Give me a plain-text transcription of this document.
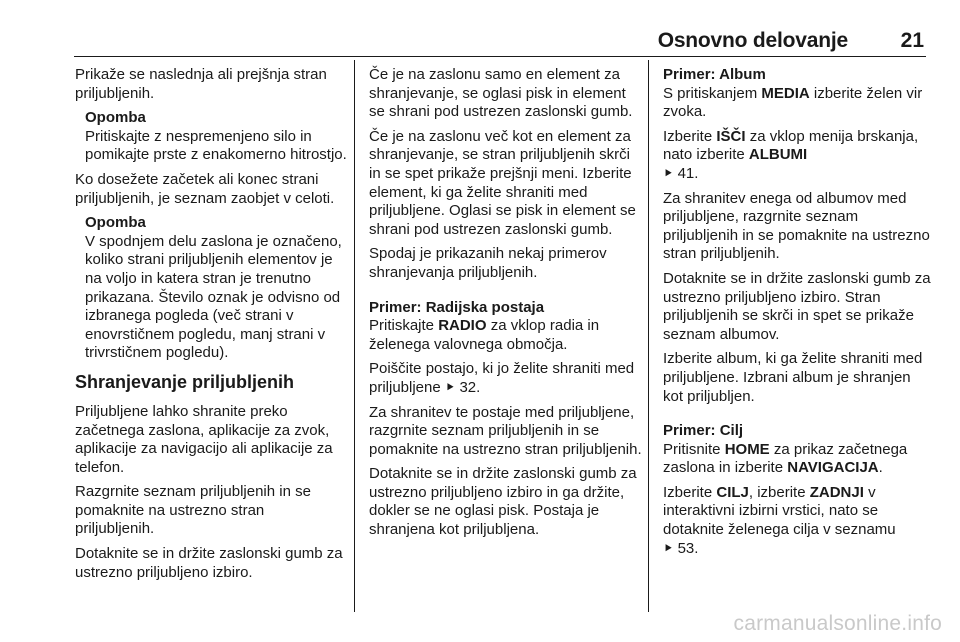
Osnovno delovanje	21

Prikaže se naslednja ali prejšnja stran priljubljenih.

Opomba
Pritiskajte z nespremenjeno silo in pomikajte prste z enakomerno hitrostjo.

Ko dosežete začetek ali konec strani priljubljenih, je seznam zaobjet v celoti.

Opomba
V spodnjem delu zaslona je označeno, koliko strani priljubljenih elementov je na voljo in katera stran je trenutno prikazana. Število oznak je odvisno od izbranega pogleda (več strani v enovrstičnem pogledu, manj strani v trivrstičnem pogledu).
Shranjevanje priljubljenih

Priljubljene lahko shranite preko začetnega zaslona, aplikacije za zvok, aplikacije za navigacijo ali aplikacije za telefon.

Razgrnite seznam priljubljenih in se pomaknite na ustrezno stran priljubljenih.

Dotaknite se in držite zaslonski gumb za ustrezno priljubljeno izbiro.

Če je na zaslonu samo en element za shranjevanje, se oglasi pisk in element se shrani pod ustrezen zaslonski gumb.

Če je na zaslonu več kot en element za shranjevanje, se stran priljubljenih skrči in se spet prikaže prejšnji meni. Izberite element, ki ga želite shraniti med priljubljene. Oglasi se pisk in element se shrani pod ustrezen zaslonski gumb.

Spodaj je prikazanih nekaj primerov shranjevanja priljubljenih.

Primer: Radijska postaja

Pritiskajte RADIO za vklop radia in želenega valovnega območja.

Poiščite postajo, ki jo želite shraniti med priljubljene ⯈ 32.

Za shranitev te postaje med priljubljene, razgrnite seznam priljubljenih in se pomaknite na ustrezno stran priljubljenih.

Dotaknite se in držite zaslonski gumb za ustrezno priljubljeno izbiro in ga držite, dokler se ne oglasi pisk. Postaja je shranjena kot priljubljena.

Primer: Album

S pritiskanjem MEDIA izberite želen vir zvoka.

Izberite IŠČI za vklop menija brskanja, nato izberite ALBUMI
⯈ 41.

Za shranitev enega od albumov med priljubljene, razgrnite seznam priljubljenih in se pomaknite na ustrezno stran priljubljenih.

Dotaknite se in držite zaslonski gumb za ustrezno priljubljeno izbiro. Stran priljubljenih se skrči in spet se prikaže seznam albumov.

Izberite album, ki ga želite shraniti med priljubljene. Izbrani album je shranjen kot priljubljen.

Primer: Cilj

Pritisnite HOME za prikaz začetnega zaslona in izberite NAVIGACIJA.

Izberite CILJ, izberite ZADNJI v interaktivni izbirni vrstici, nato se dotaknite želenega cilja v seznamu
⯈ 53.

carmanualsonline.info
